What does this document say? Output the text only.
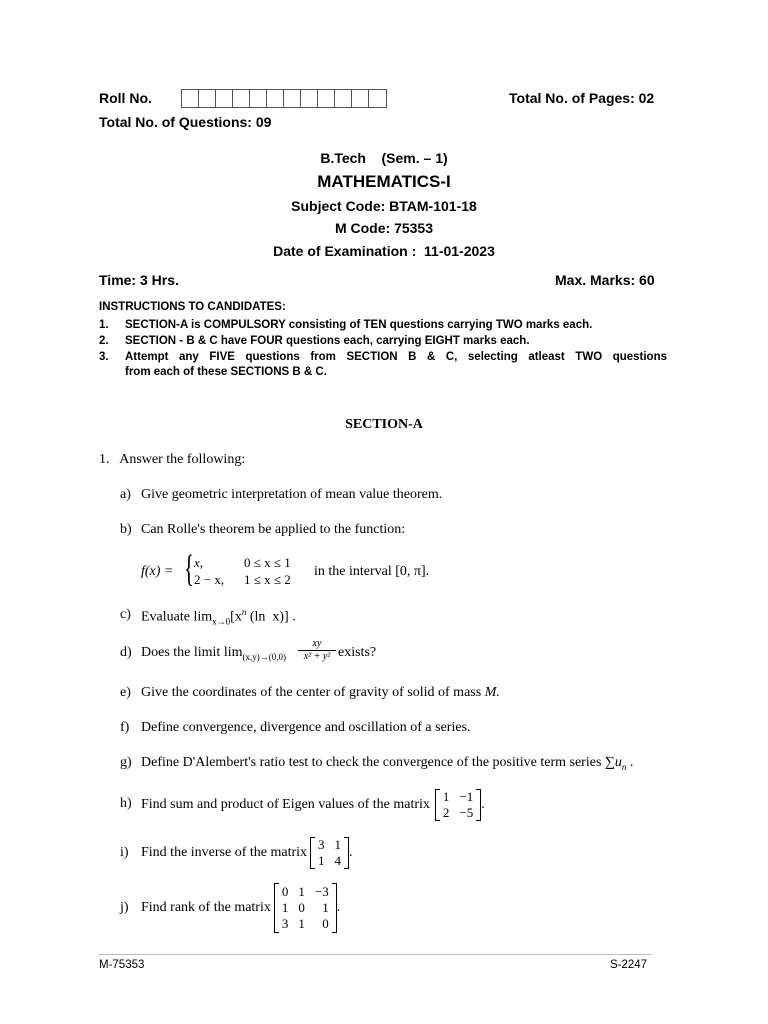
Roll No.	Total No. of Pages: 02
Total No. of Questions: 09
B.Tech    (Sem. – 1)
MATHEMATICS-I
Subject Code: BTAM-101-18
M Code: 75353
Date of Examination :  11-01-2023
Time: 3 Hrs.	Max. Marks: 60
INSTRUCTIONS TO CANDIDATES:
1. SECTION-A is COMPULSORY consisting of TEN questions carrying TWO marks each.
2. SECTION - B & C have FOUR questions each, carrying EIGHT marks each.
3. Attempt any FIVE questions from SECTION B & C, selecting atleast TWO questions
from each of these SECTIONS B & C.
SECTION-A
1.   Answer the following:
a) Give geometric interpretation of mean value theorem.
b) Can Rolle's theorem be applied to the function:
f(x) = { x,	0 ≤ x ≤ 1
2 − x, 1 ≤ x ≤ 2
in the interval [0, π].
c) Evaluate $\lim_{x\to 0}[x^n$ (ln  x)] .
d) Does the limit $\lim_{(x,y)\to(0,0)} \frac{xy}{\text{x² + y²}}$ exists?
e) Give the coordinates of the center of gravity of solid of mass M.
f) Define convergence, divergence and oscillation of a series.
g) Define D'Alembert's ratio test to check the convergence of the positive term series $\sum u_n$ .
h) Find sum and product of Eigen values of the matrix
1 −1
2 −5
.
i) Find the inverse of the matrix
3 1
1 4
.
j) Find rank of the matrix
0 1 −3
1 0	1
3 1	0
.
M-75353	S-2247
